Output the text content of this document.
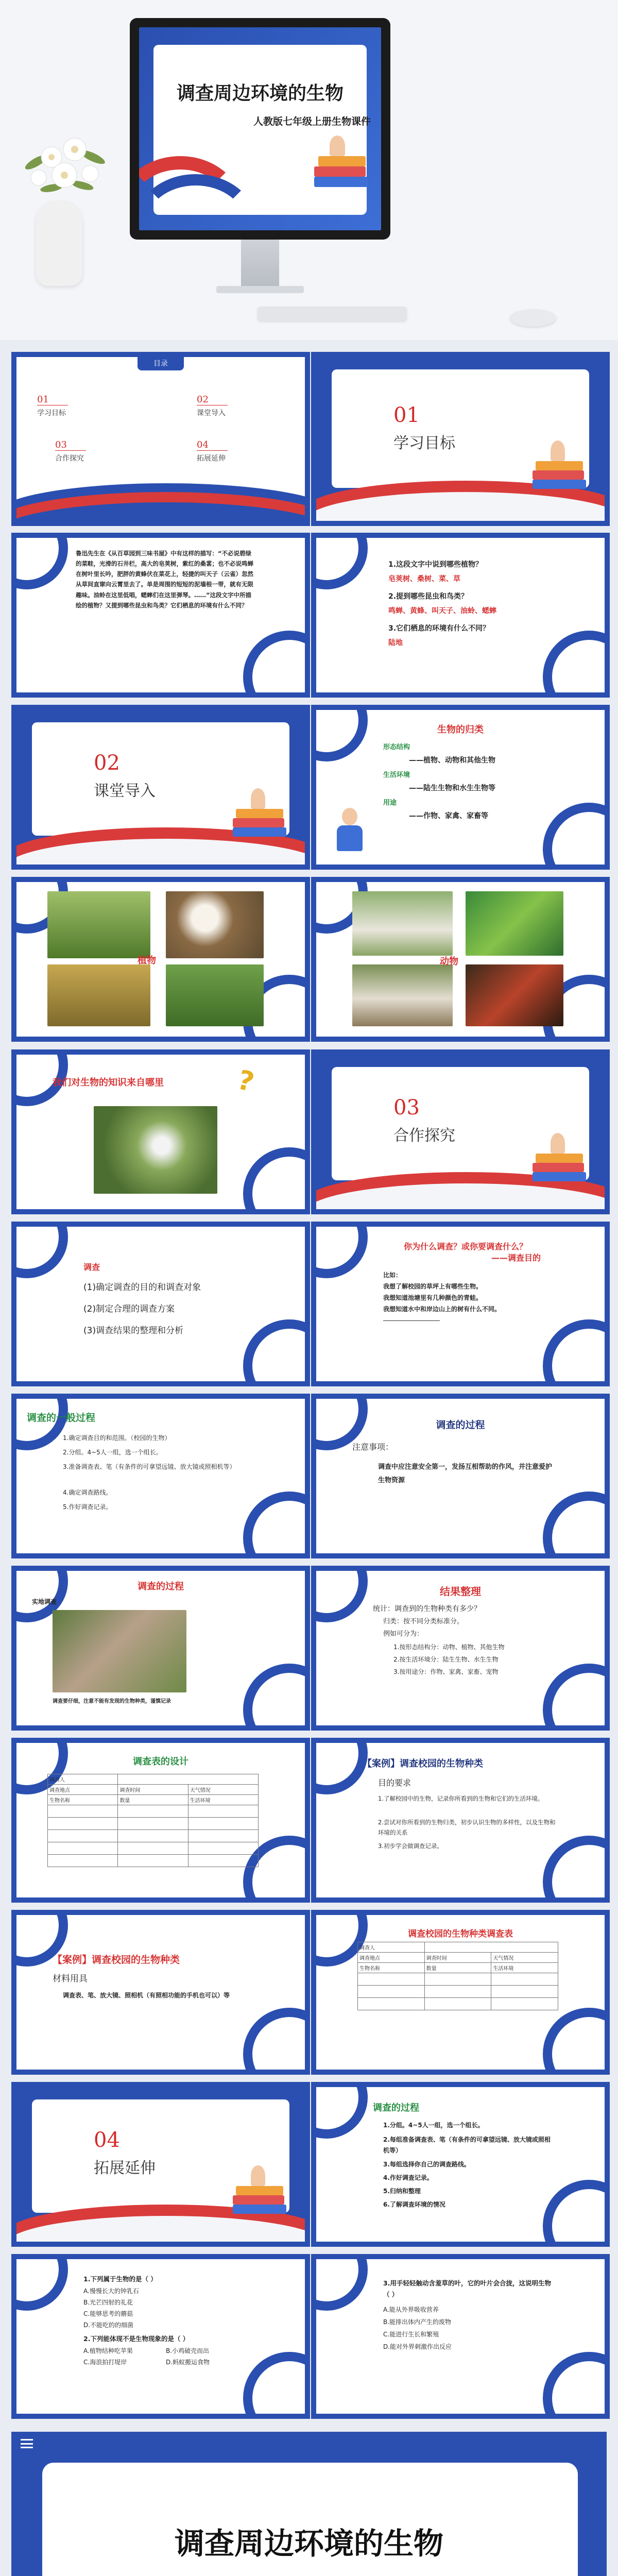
调查周边环境的生物
人教版七年级上册生物课件
目录
01
学习目标
02
课堂导入
03
合作探究
04
拓展延伸
01
学习目标
鲁迅先生在《从百草园到三味书屋》中有这样的描写：“不必说碧绿的菜畦，光滑的石井栏，高大的皂荚树，紫红的桑葚；也不必说鸣蝉在树叶里长吟，肥胖的黄蜂伏在菜花上，轻捷的叫天子（云雀）忽然从草间直窜向云霄里去了。单是周围的短短的泥墙根一带，就有无限趣味。油蛉在这里低唱，蟋蟀们在这里弹琴。……”这段文字中所描绘的植物？又提到哪些昆虫和鸟类？它们栖息的环境有什么不同？
1.这段文字中说到哪些植物？
皂荚树、桑树、菜、草
2.提到哪些昆虫和鸟类？
鸣蝉、黄蜂、叫天子、油蛉、蟋蟀
3.它们栖息的环境有什么不同？
陆地
02
课堂导入
生物的归类
形态结构
——植物、动物和其他生物
生活环境
——陆生生物和水生生物等
用途
——作物、家禽、家畜等
植物	动物
我们对生物的知识来自哪里	?
03
合作探究
调查
(1)确定调查的目的和调查对象
(2)制定合理的调查方案
(3)调查结果的整理和分析
你为什么调查？或你要调查什么？
——调查目的
比如：
我想了解校园的草坪上有哪些生物。
我想知道池塘里有几种颜色的青蛙。
我想知道水中和岸边山上的树有什么不同。
调查的一般过程
1.确定调查目的和范围。（校园的生物）
2.分组。4~5人一组，选一个组长。
3.准备调查表、笔（有条件的可拿望远镜、放大镜或照相机等）
4.确定调查路线。
5.作好调查记录。
调查的过程
注意事项：
调查中应注意安全第一，发扬互相帮助的作风，并注意爱护生物资源
调查的过程
实地调查
调查要仔细，注意不能有发现的生物种类，谨慎记录
结果整理
统计：调查到的生物种类有多少？
归类：按不同分类标准分。
例如可分为：
1.按形态结构分：动物、植物、其他生物
2.按生活环境分：陆生生物、水生生物
3.按用途分：作物、家禽、家畜、宠物
调查表的设计
调查人		
调查地点	调查时间	天气情况
生物名称	数量	生活环境

【案例】调查校园的生物种类
目的要求
1.了解校园中的生物，记录你所看到的生物和它们的生活环境。
2.尝试对你所看到的生物归类，初步认识生物的多样性，以及生物和环境的关系
3.初步学会做调查记录。
【案例】调查校园的生物种类
材料用具
调查表、笔、放大镜、照相机（有照相功能的手机也可以）等
调查校园的生物种类调查表
调查人		
调查地点	调查时间	天气情况
生物名称	数量	生活环境

04
拓展延伸
调查的过程
1.分组。4~5人一组，选一个组长。
2.每组准备调查表、笔（有条件的可拿望远镜、放大镜或照相机等）
3.每组选择你自己的调查路线。
4.作好调查记录。
5.归纳和整理
6.了解调查环境的情况
1.下列属于生物的是（ ）
A.慢慢长大的钟乳石
B.光芒四射的礼花
C.能够思考的蘑菇
D.不能吃的的细菌
2.下列能体现不是生物现象的是（ ）
A.植物结种吃苹果	B.小鸡破壳而出
C.海浪拍打堤岸	D.蚂蚁搬运食物
3.用手轻轻触动含羞草的叶，它的叶片会合拢，这说明生物（ ）
A.能从外界吸收营养
B.能排出体内产生的废物
C.能进行生长和繁殖
D.能对外界刺激作出反应
调查周边环境的生物
